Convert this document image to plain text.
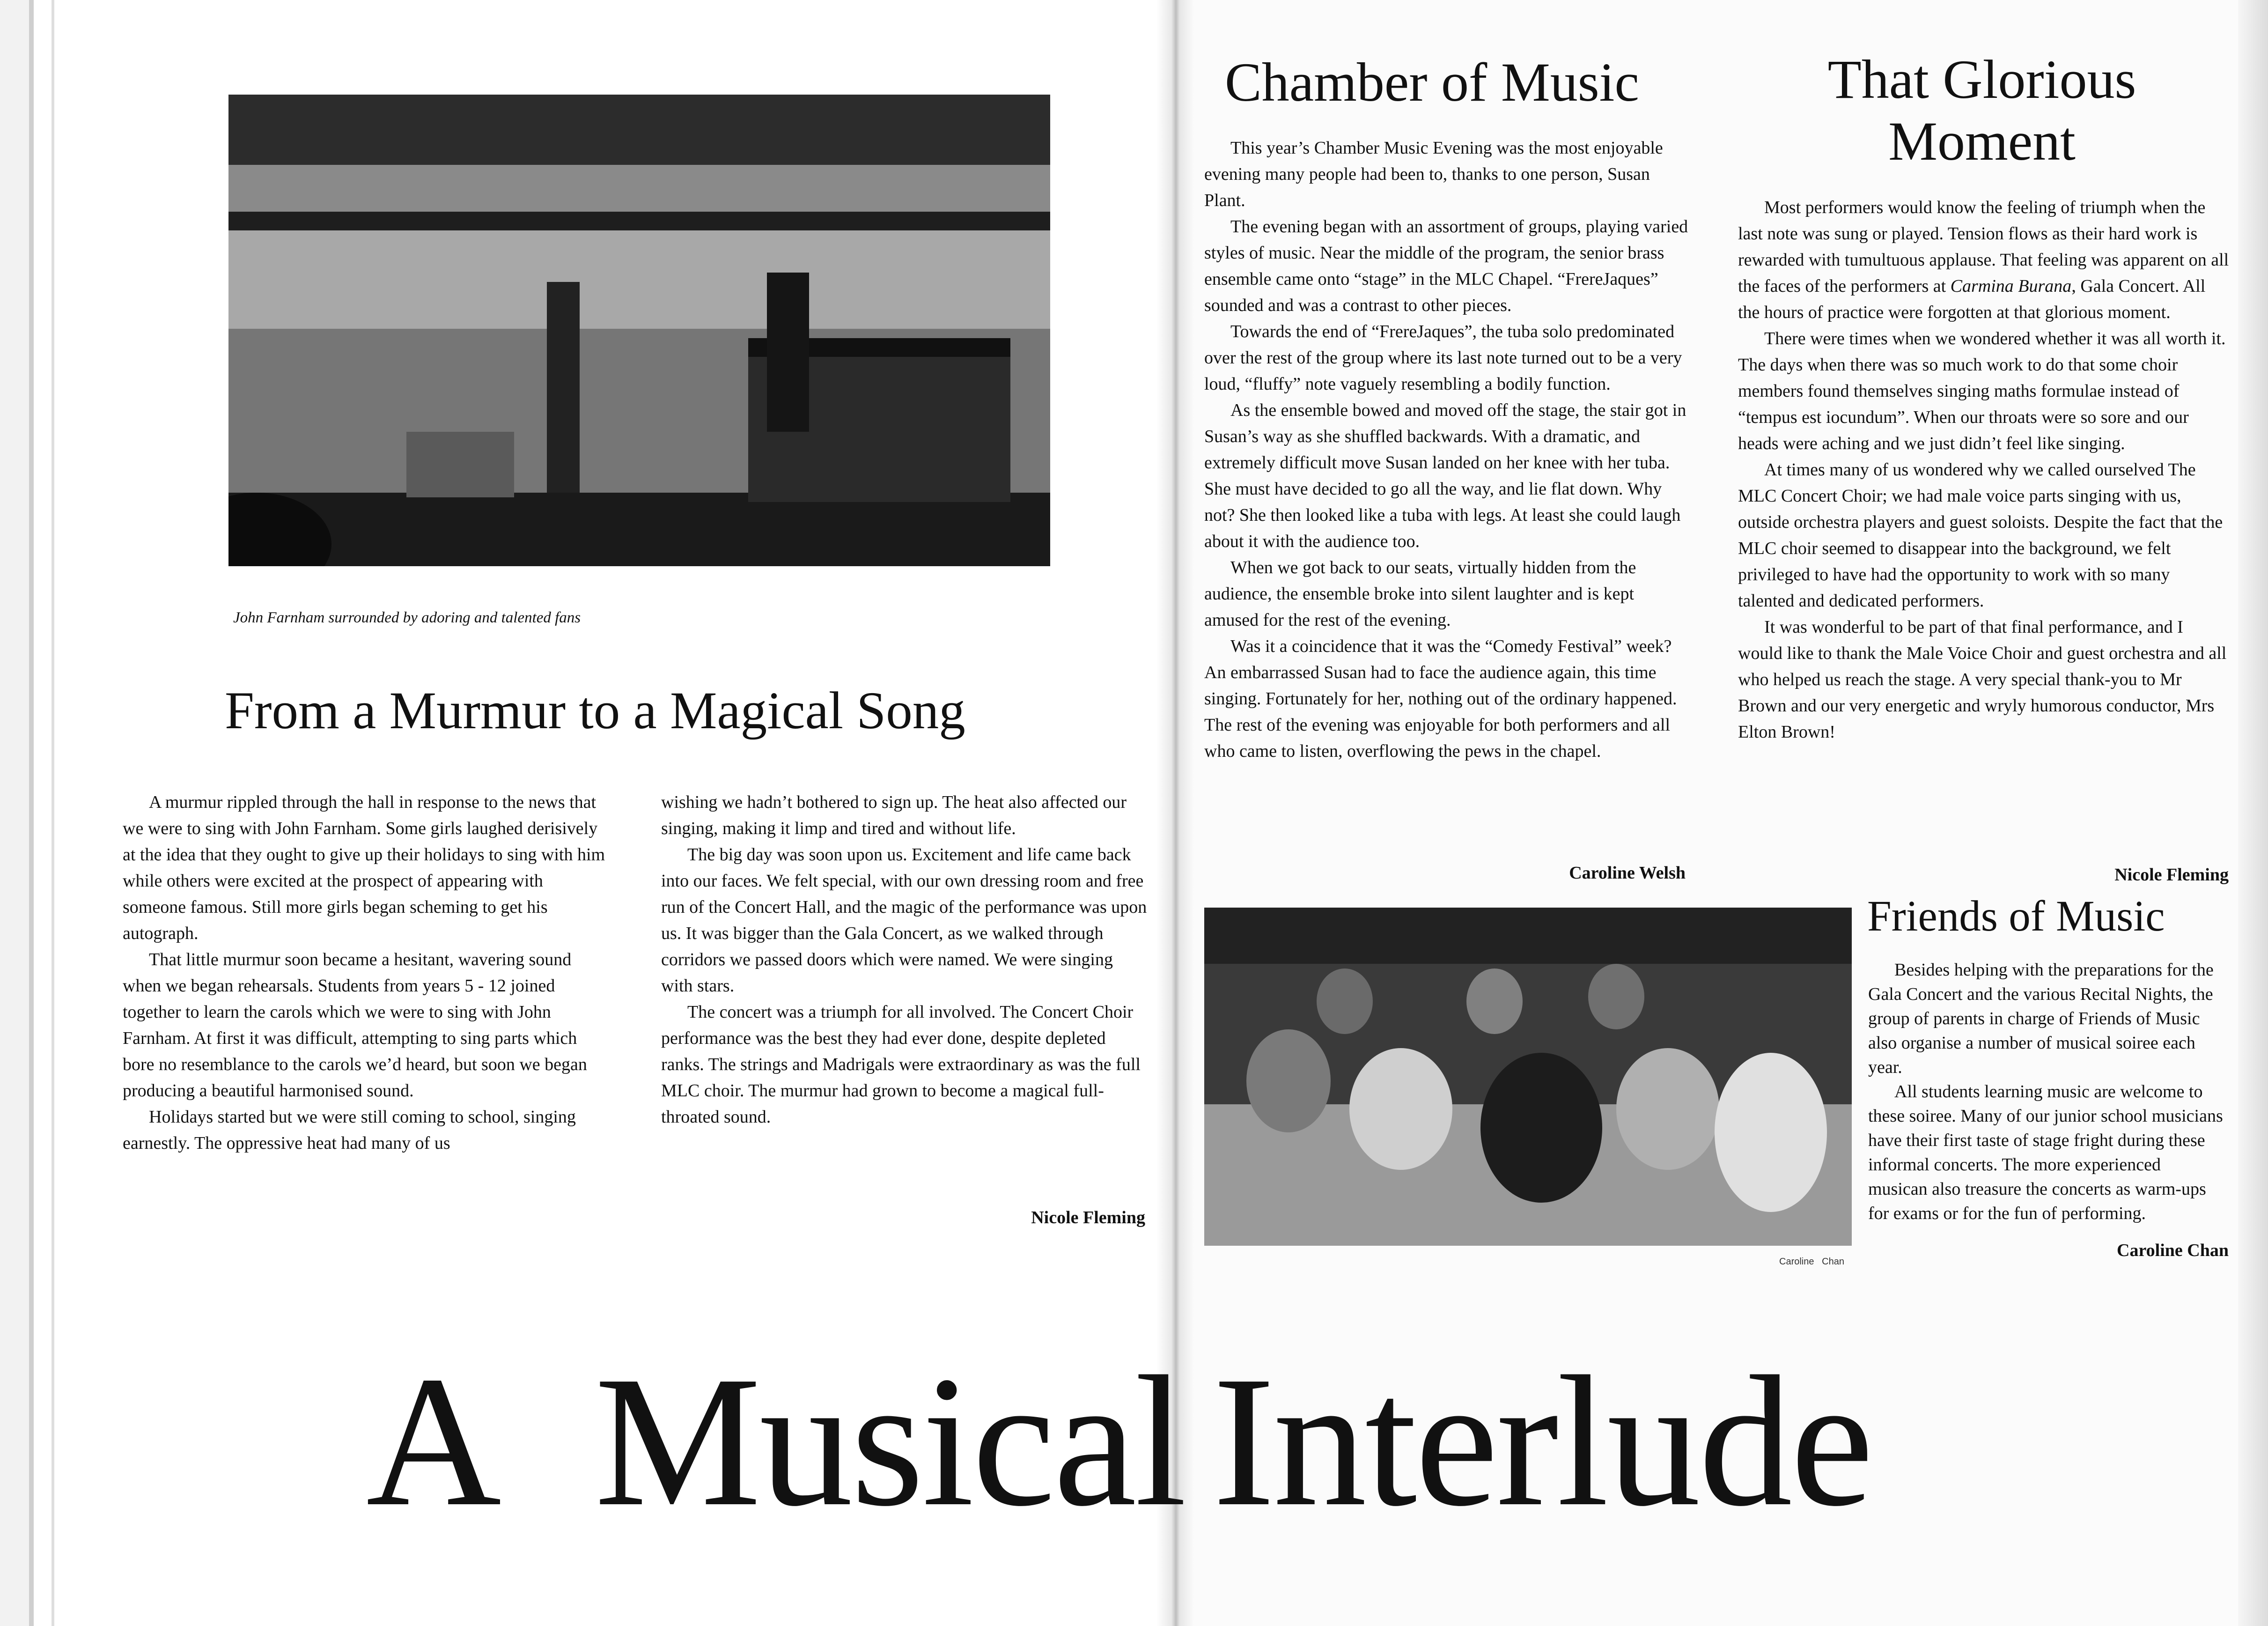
John Farnham surrounded by adoring and talented fans
From a Murmur to a Magical Song

A murmur rippled through the hall in response to the news that we were to sing with John Farnham. Some girls laughed derisively at the idea that they ought to give up their holidays to sing with him while others were excited at the prospect of appearing with someone famous. Still more girls began scheming to get his autograph.

That little murmur soon became a hesitant, wavering sound when we began rehearsals. Students from years 5 - 12 joined together to learn the carols which we were to sing with John Farnham. At first it was difficult, attempting to sing parts which bore no resemblance to the carols we’d heard, but soon we began producing a beautiful harmonised sound.

Holidays started but we were still coming to school, singing earnestly. The oppressive heat had many of us

wishing we hadn’t bothered to sign up. The heat also affected our singing, making it limp and tired and without life.

The big day was soon upon us. Excitement and life came back into our faces. We felt special, with our own dressing room and free run of the Concert Hall, and the magic of the performance was upon us. It was bigger than the Gala Concert, as we walked through corridors we passed doors which were named. We were singing with stars.

The concert was a triumph for all involved. The Concert Choir performance was the best they had ever done, despite depleted ranks. The strings and Madrigals were extraordinary as was the full MLC choir. The murmur had grown to become a magical full-throated sound.

Nicole Fleming
Chamber of Music

This year’s Chamber Music Evening was the most enjoyable evening many people had been to, thanks to one person, Susan Plant.

The evening began with an assortment of groups, playing varied styles of music. Near the middle of the program, the senior brass ensemble came onto “stage” in the MLC Chapel. “FrereJaques” sounded and was a contrast to other pieces.

Towards the end of “FrereJaques”, the tuba solo predominated over the rest of the group where its last note turned out to be a very loud, “fluffy” note vaguely resembling a bodily function.

As the ensemble bowed and moved off the stage, the stair got in Susan’s way as she shuffled backwards. With a dramatic, and extremely difficult move Susan landed on her knee with her tuba. She must have decided to go all the way, and lie flat down. Why not? She then looked like a tuba with legs. At least she could laugh about it with the audience too.

When we got back to our seats, virtually hidden from the audience, the ensemble broke into silent laughter and is kept amused for the rest of the evening.

Was it a coincidence that it was the “Comedy Festival” week? An embarrassed Susan had to face the audience again, this time singing. Fortunately for her, nothing out of the ordinary happened. The rest of the evening was enjoyable for both performers and all who came to listen, overflowing the pews in the chapel.

Caroline Welsh
That Glorious
Moment

Most performers would know the feeling of triumph when the last note was sung or played. Tension flows as their hard work is rewarded with tumultuous applause. That feeling was apparent on all the faces of the performers at Carmina Burana, Gala Concert. All the hours of practice were forgotten at that glorious moment.

There were times when we wondered whether it was all worth it. The days when there was so much work to do that some choir members found themselves singing maths formulae instead of “tempus est iocundum”. When our throats were so sore and our heads were aching and we just didn’t feel like singing.

At times many of us wondered why we called ourselved The MLC Concert Choir; we had male voice parts singing with us, outside orchestra players and guest soloists. Despite the fact that the MLC choir seemed to disappear into the background, we felt privileged to have had the opportunity to work with so many talented and dedicated performers.

It was wonderful to be part of that final performance, and I would like to thank the Male Voice Choir and guest orchestra and all who helped us reach the stage. A very special thank-you to Mr Brown and our very energetic and wryly humorous conductor, Mrs Elton Brown!

Nicole Fleming
Caroline   Chan
Friends of Music

Besides helping with the preparations for the Gala Concert and the various Recital Nights, the group of parents in charge of Friends of Music also organise a number of musical soiree each year.

All students learning music are welcome to these soiree. Many of our junior school musicians have their first taste of stage fright during these informal concerts. The more experienced musican also treasure the concerts as warm-ups for exams or for the fun of performing.

Caroline Chan
A Musical Interlude
